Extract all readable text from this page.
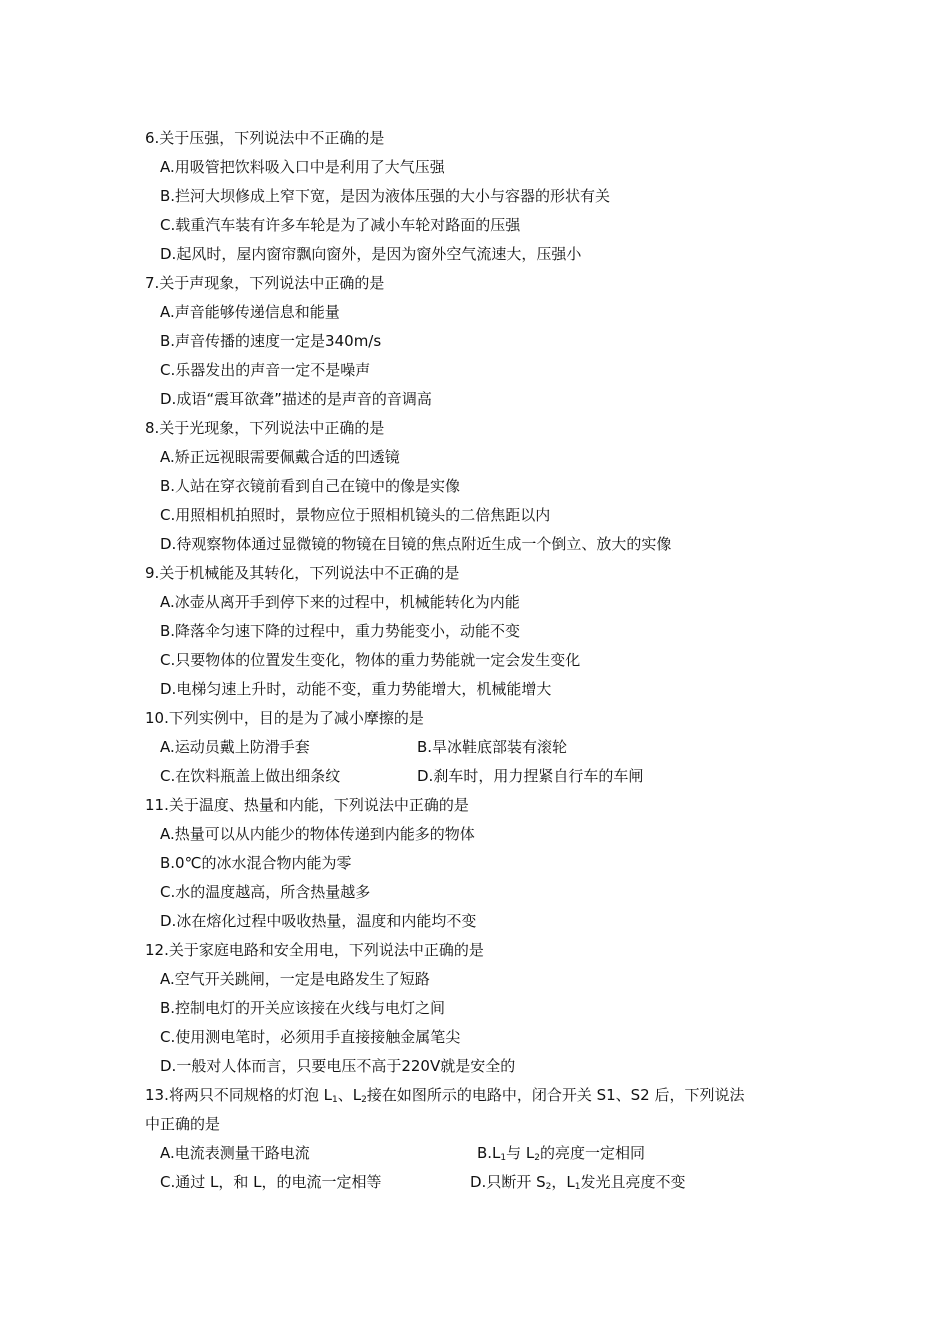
6.关于压强，下列说法中不正确的是
A.用吸管把饮料吸入口中是利用了大气压强
B.拦河大坝修成上窄下宽，是因为液体压强的大小与容器的形状有关
C.载重汽车装有许多车轮是为了减小车轮对路面的压强
D.起风时，屋内窗帘飘向窗外，是因为窗外空气流速大，压强小
7.关于声现象，下列说法中正确的是
A.声音能够传递信息和能量
B.声音传播的速度一定是340m/s
C.乐器发出的声音一定不是噪声
D.成语“震耳欲聋”描述的是声音的音调高
8.关于光现象，下列说法中正确的是
A.矫正远视眼需要佩戴合适的凹透镜
B.人站在穿衣镜前看到自己在镜中的像是实像
C.用照相机拍照时，景物应位于照相机镜头的二倍焦距以内
D.待观察物体通过显微镜的物镜在目镜的焦点附近生成一个倒立、放大的实像
9.关于机械能及其转化，下列说法中不正确的是
A.冰壶从离开手到停下来的过程中，机械能转化为内能
B.降落伞匀速下降的过程中，重力势能变小，动能不变
C.只要物体的位置发生变化，物体的重力势能就一定会发生变化
D.电梯匀速上升时，动能不变，重力势能增大，机械能增大
10.下列实例中，目的是为了减小摩擦的是
A.运动员戴上防滑手套	B.旱冰鞋底部装有滚轮
C.在饮料瓶盖上做出细条纹	D.刹车时，用力捏紧自行车的车闸
11.关于温度、热量和内能，下列说法中正确的是
A.热量可以从内能少的物体传递到内能多的物体
B.0℃的冰水混合物内能为零
C.水的温度越高，所含热量越多
D.冰在熔化过程中吸收热量，温度和内能均不变
12.关于家庭电路和安全用电，下列说法中正确的是
A.空气开关跳闸，一定是电路发生了短路
B.控制电灯的开关应该接在火线与电灯之间
C.使用测电笔时，必须用手直接接触金属笔尖
D.一般对人体而言，只要电压不高于220V就是安全的
13.将两只不同规格的灯泡 $L_1$、$L_2$接在如图所示的电路中，闭合开关 S1、S2 后，下列说法
中正确的是
A.电流表测量干路电流	$B.L_1$与 $L_2$的亮度一定相同
C.通过 L，和 L，的电流一定相等	D.只断开 $S_2$，$L_1$发光且亮度不变
